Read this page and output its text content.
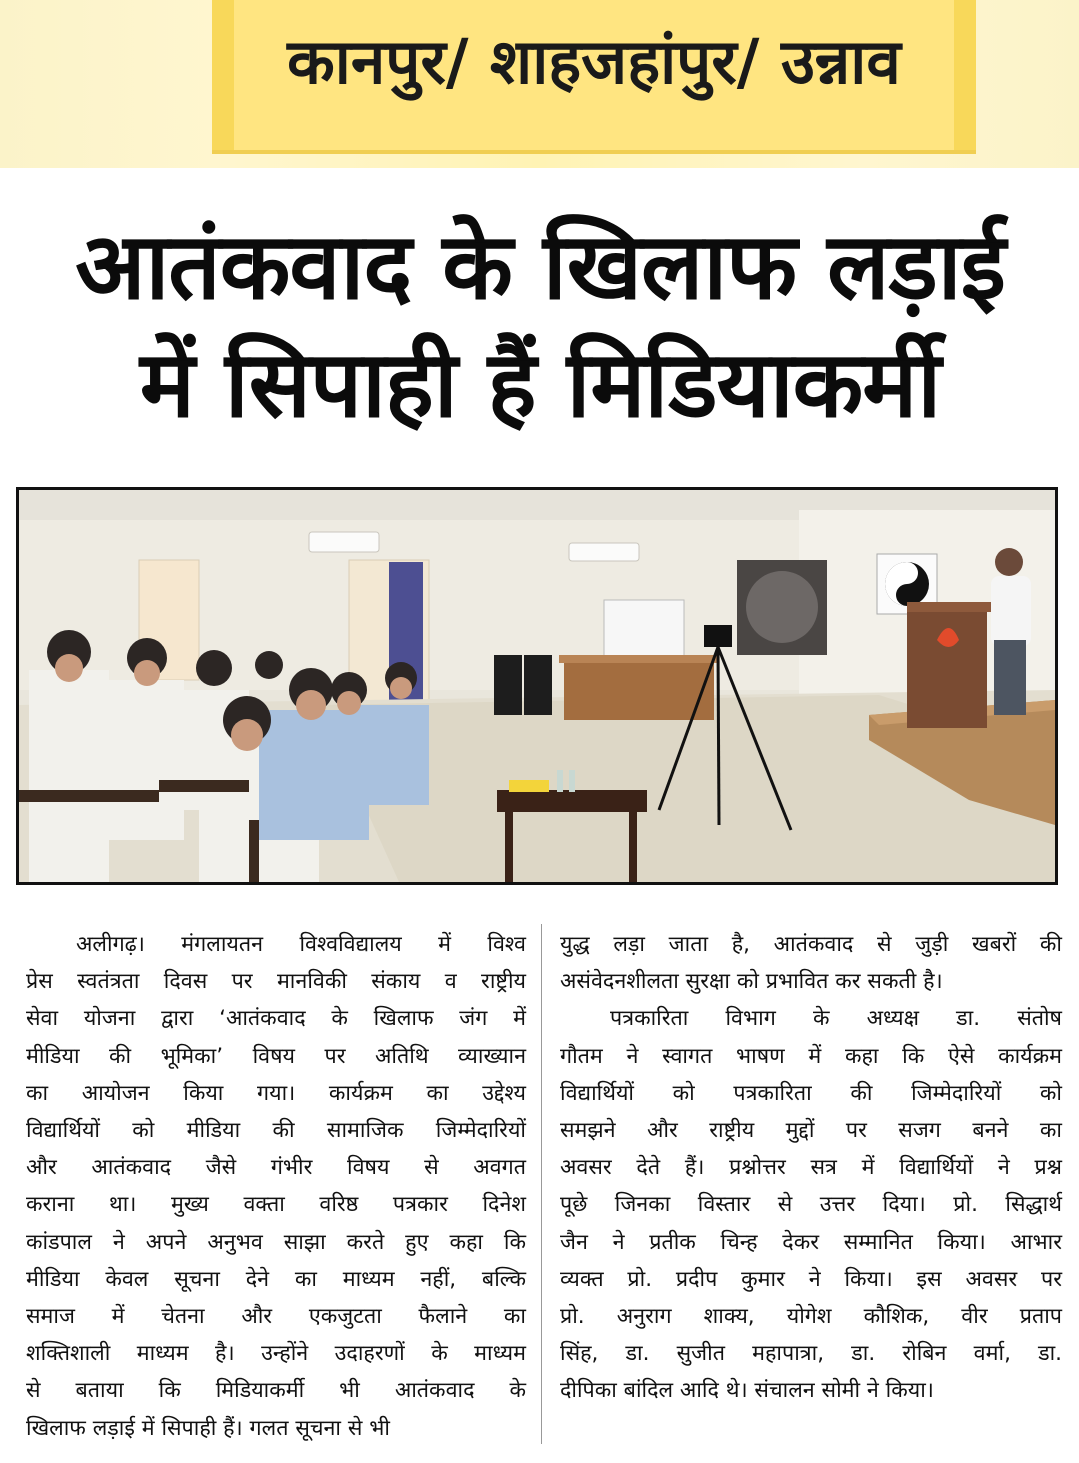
कानपुर/ शाहजहांपुर/ उन्नाव
आतंकवाद के खिलाफ लड़ाई
में सिपाही हैं मिडियाकर्मी
अलीगढ़। मंगलायतन विश्वविद्यालय में विश्व
प्रेस स्वतंत्रता दिवस पर मानविकी संकाय व राष्ट्रीय
सेवा योजना द्वारा ‘आतंकवाद के खिलाफ जंग में
मीडिया की भूमिका’ विषय पर अतिथि व्याख्यान
का आयोजन किया गया। कार्यक्रम का उद्देश्य
विद्यार्थियों को मीडिया की सामाजिक जिम्मेदारियों
और आतंकवाद जैसे गंभीर विषय से अवगत
कराना था। मुख्य वक्ता वरिष्ठ पत्रकार दिनेश
कांडपाल ने अपने अनुभव साझा करते हुए कहा कि
मीडिया केवल सूचना देने का माध्यम नहीं, बल्कि
समाज में चेतना और एकजुटता फैलाने का
शक्तिशाली माध्यम है। उन्होंने उदाहरणों के माध्यम
से बताया कि मिडियाकर्मी भी आतंकवाद के
खिलाफ लड़ाई में सिपाही हैं। गलत सूचना से भी
युद्ध लड़ा जाता है, आतंकवाद से जुड़ी खबरों की
असंवेदनशीलता सुरक्षा को प्रभावित कर सकती है।
पत्रकारिता विभाग के अध्यक्ष डा. संतोष
गौतम ने स्वागत भाषण में कहा कि ऐसे कार्यक्रम
विद्यार्थियों को पत्रकारिता की जिम्मेदारियों को
समझने और राष्ट्रीय मुद्दों पर सजग बनने का
अवसर देते हैं। प्रश्नोत्तर सत्र में विद्यार्थियों ने प्रश्न
पूछे जिनका विस्तार से उत्तर दिया। प्रो. सिद्धार्थ
जैन ने प्रतीक चिन्ह देकर सम्मानित किया। आभार
व्यक्त प्रो. प्रदीप कुमार ने किया। इस अवसर पर
प्रो. अनुराग शाक्य, योगेश कौशिक, वीर प्रताप
सिंह, डा. सुजीत महापात्रा, डा. रोबिन वर्मा, डा.
दीपिका बांदिल आदि थे। संचालन सोमी ने किया।
